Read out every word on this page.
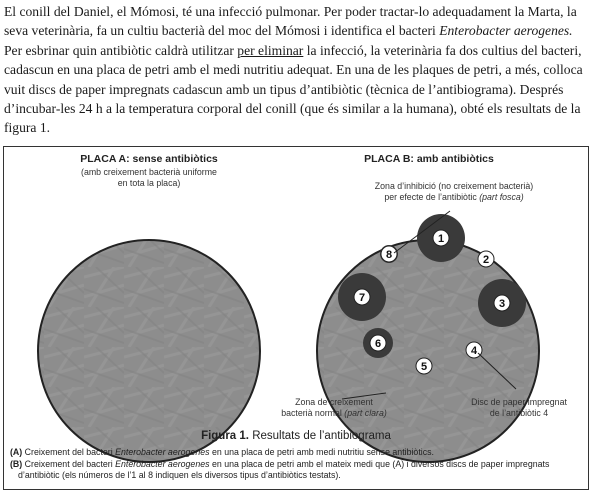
El conill del Daniel, el Mómosi, té una infecció pulmonar. Per poder tractar-lo adequadament la Marta, la seva veterinària, fa un cultiu bacterià del moc del Mómosi i identifica el bacteri Enterobacter aerogenes. Per esbrinar quin antibiòtic caldrà utilitzar per eliminar la infecció, la veterinària fa dos cultius del bacteri, cadascun en una placa de petri amb el medi nutritiu adequat. En una de les plaques de petri, a més, colloca vuit discs de paper impregnats cadascun amb un tipus d’antibiòtic (tècnica de l’antibiograma). Després d’incubar-les 24 h a la temperatura corporal del conill (que és similar a la humana), obté els resultats de la figura 1.
1
2
3
4
5
6
7
8
PLACA A: sense antibiòtics
(amb creixement bacterià uniforme
en tota la placa)
PLACA B: amb antibiòtics
Zona d’inhibició (no creixement bacterià)
per efecte de l’antibiòtic (part fosca)
Zona de creixement
bacterià normal (part clara)
Disc de paper impregnat
de l’antibiòtic 4
Figura 1. Resultats de l’antibiograma
(A) Creixement del bacteri Enterobacter aerogenes en una placa de petri amb medi nutritiu sense antibiòtics.
(B) Creixement del bacteri Enterobacter aerogenes en una placa de petri amb el mateix medi que (A) i diversos discs de paper impregnats
d’antibiòtic (els números de l’1 al 8 indiquen els diversos tipus d’antibiòtics testats).
